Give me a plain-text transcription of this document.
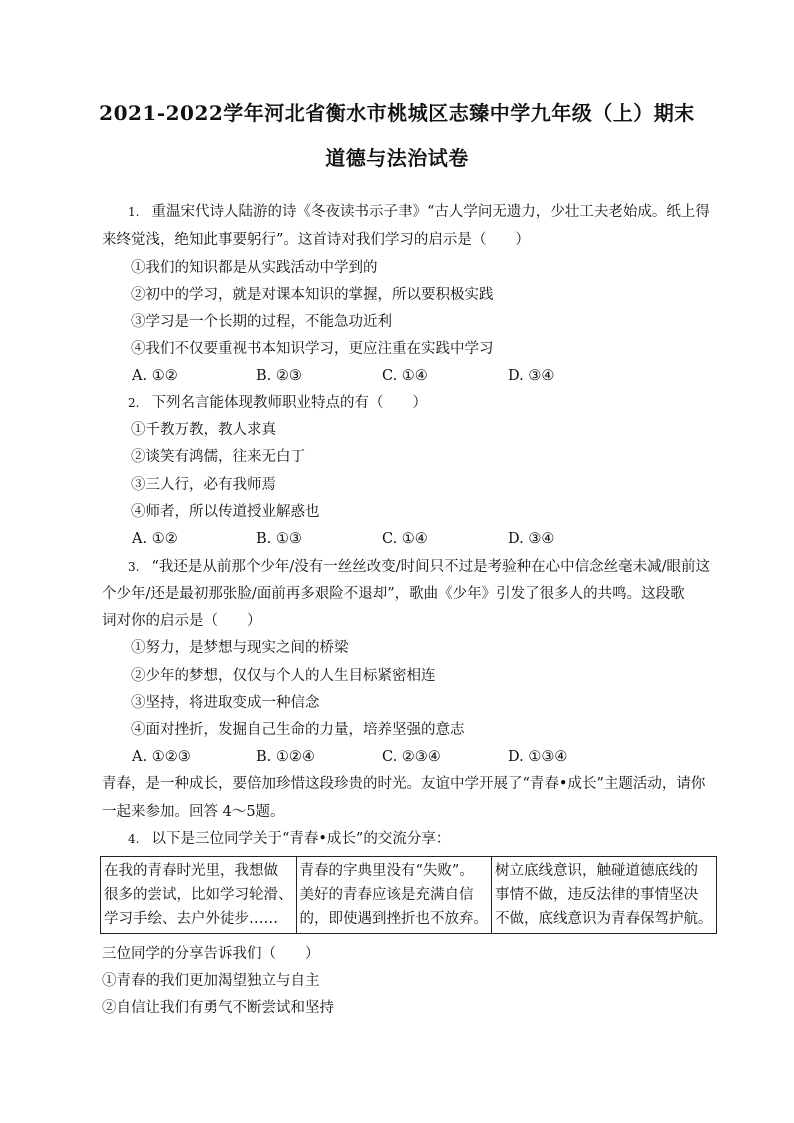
2021-2022学年河北省衡水市桃城区志臻中学九年级（上）期末
道德与法治试卷
1. 重温宋代诗人陆游的诗《冬夜读书示子聿》“古人学问无遗力，少壮工夫老始成。纸上得
来终觉浅，绝知此事要躬行”。这首诗对我们学习的启示是（　　）
①我们的知识都是从实践活动中学到的
②初中的学习，就是对课本知识的掌握，所以要积极实践
③学习是一个长期的过程，不能急功近利
④我们不仅要重视书本知识学习，更应注重在实践中学习
A. ①②	B. ②③	C. ①④	D. ③④
2. 下列名言能体现教师职业特点的有（　　）
①千教万教，教人求真
②谈笑有鸿儒，往来无白丁
③三人行，必有我师焉
④师者，所以传道授业解惑也
A. ①②	B. ①③	C. ①④	D. ③④
3. “我还是从前那个少年/没有一丝丝改变/时间只不过是考验种在心中信念丝毫未减/眼前这
个少年/还是最初那张脸/面前再多艰险不退却”，歌曲《少年》引发了很多人的共鸣。这段歌
词对你的启示是（　　）
①努力，是梦想与现实之间的桥梁
②少年的梦想，仅仅与个人的人生目标紧密相连
③坚持，将进取变成一种信念
④面对挫折，发掘自己生命的力量，培养坚强的意志
A. ①②③	B. ①②④	C. ②③④	D. ①③④
青春，是一种成长，要倍加珍惜这段珍贵的时光。友谊中学开展了“青春•成长”主题活动，请你
一起来参加。回答 4～5题。
4. 以下是三位同学关于“青春•成长”的交流分享：
在我的青春时光里，我想做
很多的尝试，比如学习轮滑、
学习手绘、去户外徒步……

青春的字典里没有“失败”。
美好的青春应该是充满自信
的，即使遇到挫折也不放弃。

树立底线意识，触碰道德底线的
事情不做，违反法律的事情坚决
不做，底线意识为青春保驾护航。
三位同学的分享告诉我们（　　）
①青春的我们更加渴望独立与自主
②自信让我们有勇气不断尝试和坚持
